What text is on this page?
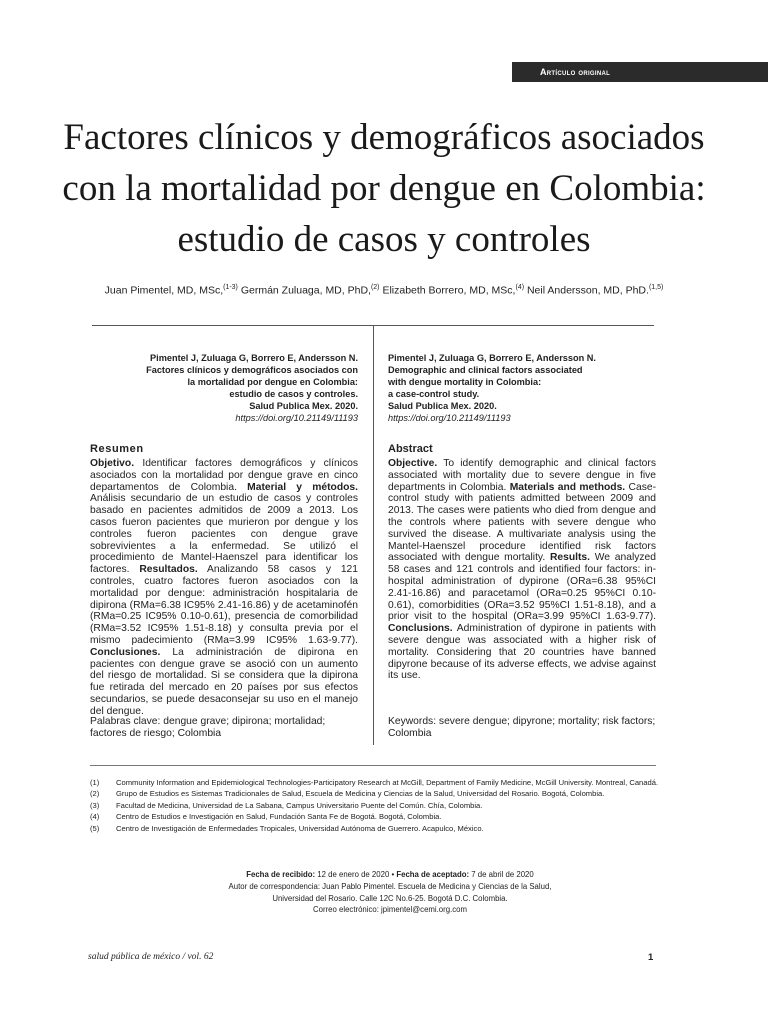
Artículo original
Factores clínicos y demográficos asociados
con la mortalidad por dengue en Colombia:
estudio de casos y controles
Juan Pimentel, MD, MSc,$^{(1-3)}$ Germán Zuluaga, MD, PhD,$^{(2)}$ Elizabeth Borrero, MD, MSc,$^{(4)}$ Neil Andersson, MD, PhD.$^{(1,5)}$
Pimentel J, Zuluaga G, Borrero E, Andersson N.
Factores clínicos y demográficos asociados con
la mortalidad por dengue en Colombia:
estudio de casos y controles.
Salud Publica Mex. 2020.
https://doi.org/10.21149/11193
Pimentel J, Zuluaga G, Borrero E, Andersson N.
Demographic and clinical factors associated
with dengue mortality in Colombia:
a case-control study.
Salud Publica Mex. 2020.
https://doi.org/10.21149/11193
Resumen
Objetivo. Identificar factores demográficos y clínicos asociados con la mortalidad por dengue grave en cinco departamentos de Colombia. Material y métodos. Análisis secundario de un estudio de casos y controles basado en pacientes admitidos de 2009 a 2013. Los casos fueron pacientes que murieron por dengue y los controles fueron pacientes con dengue grave sobrevivientes a la enfermedad. Se utilizó el procedimiento de Mantel-Haenszel para identificar los factores. Resultados. Analizando 58 casos y 121 controles, cuatro factores fueron asociados con la mortalidad por dengue: administración hospitalaria de dipirona (RMa=6.38 IC95% 2.41-16.86) y de acetaminofén (RMa=0.25 IC95% 0.10-0.61), presencia de comorbilidad (RMa=3.52 IC95% 1.51-8.18) y consulta previa por el mismo padecimiento (RMa=3.99 IC95% 1.63-9.77). Conclusiones. La administración de dipirona en pacientes con dengue grave se asoció con un aumento del riesgo de mortalidad. Si se considera que la dipirona fue retirada del mercado en 20 países por sus efectos secundarios, se puede desaconsejar su uso en el manejo del dengue.
Abstract
Objective. To identify demographic and clinical factors associated with mortality due to severe dengue in five departments in Colombia. Materials and methods. Case-control study with patients admitted between 2009 and 2013. The cases were patients who died from dengue and the controls where patients with severe dengue who survived the disease. A multivariate analysis using the Mantel-Haenszel procedure identified risk factors associated with dengue mortality. Results. We analyzed 58 cases and 121 controls and identified four factors: in-hospital administration of dypirone (ORa=6.38 95%CI 2.41-16.86) and paracetamol (ORa=0.25 95%CI 0.10-0.61), comorbidities (ORa=3.52 95%CI 1.51-8.18), and a prior visit to the hospital (ORa=3.99 95%CI 1.63-9.77). Conclusions. Administration of dypirone in patients with severe dengue was associated with a higher risk of mortality. Considering that 20 countries have banned dipyrone because of its adverse effects, we advise against its use.
Palabras clave: dengue grave; dipirona; mortalidad; factores de riesgo; Colombia
Keywords: severe dengue; dipyrone; mortality; risk factors; Colombia
(1)	Community Information and Epidemiological Technologies-Participatory Research at McGill, Department of Family Medicine, McGill University. Montreal, Canadá.
(2)	Grupo de Estudios es Sistemas Tradicionales de Salud, Escuela de Medicina y Ciencias de la Salud, Universidad del Rosario. Bogotá, Colombia.
(3)	Facultad de Medicina, Universidad de La Sabana, Campus Universitario Puente del Común. Chía, Colombia.
(4)	Centro de Estudios e Investigación en Salud, Fundación Santa Fe de Bogotá. Bogotá, Colombia.
(5)	Centro de Investigación de Enfermedades Tropicales, Universidad Autónoma de Guerrero. Acapulco, México.
Fecha de recibido: 12 de enero de 2020 • Fecha de aceptado: 7 de abril de 2020
Autor de correspondencia: Juan Pablo Pimentel. Escuela de Medicina y Ciencias de la Salud,
Universidad del Rosario. Calle 12C No.6-25. Bogotá D.C. Colombia.
Correo electrónico: jpimentel@cemi.org.com
salud pública de méxico / vol. 62	1
